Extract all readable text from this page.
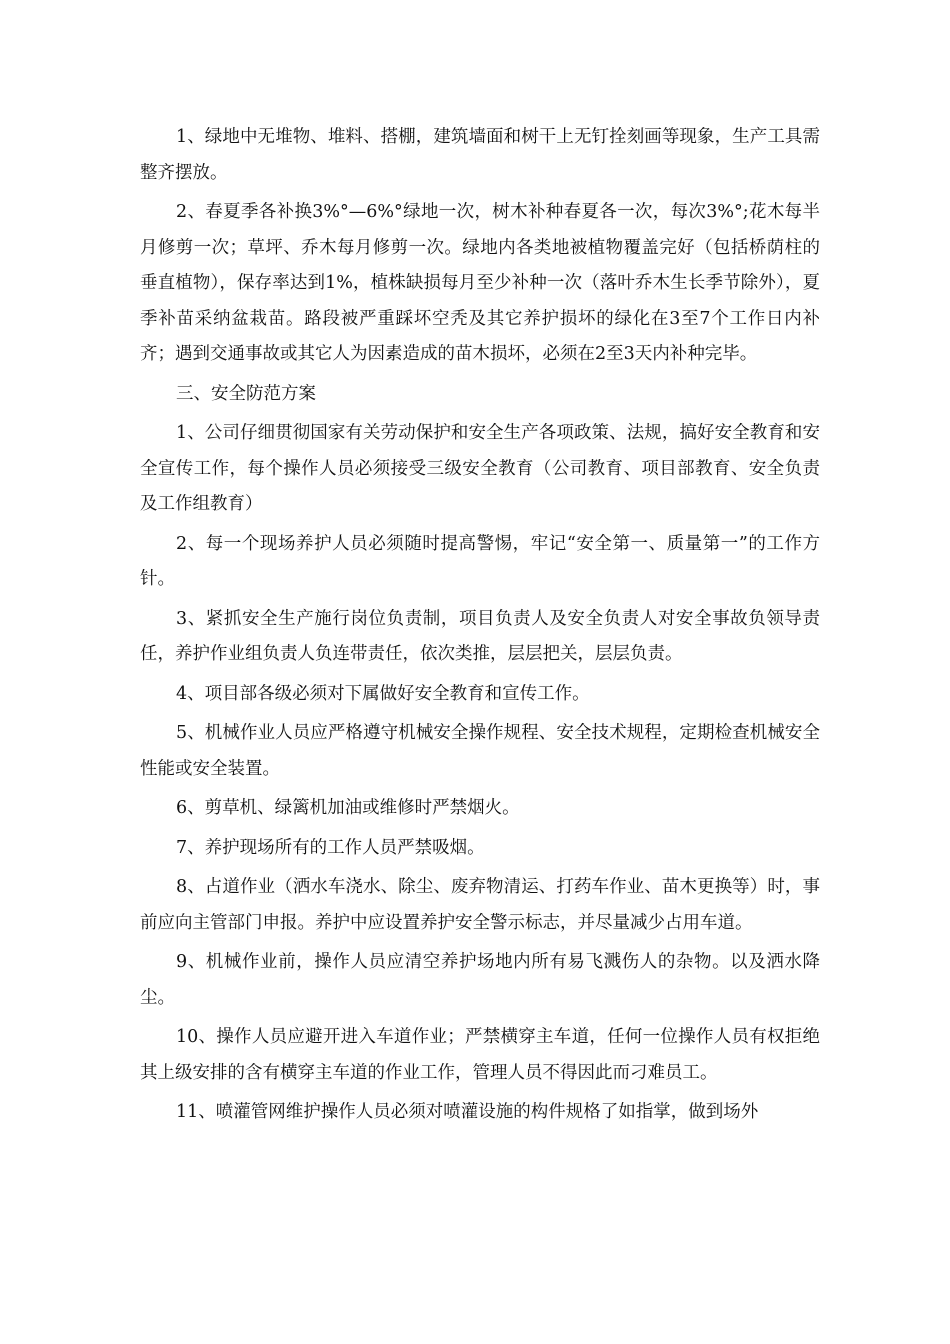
1、绿地中无堆物、堆料、搭棚，建筑墙面和树干上无钉拴刻画等现象，生产工具需整齐摆放。

2、春夏季各补换3%°—6%°绿地一次，树木补种春夏各一次，每次3%°;花木每半月修剪一次；草坪、乔木每月修剪一次。绿地内各类地被植物覆盖完好（包括桥荫柱的垂直植物），保存率达到1%，植株缺损每月至少补种一次（落叶乔木生长季节除外），夏季补苗采纳盆栽苗。路段被严重踩坏空秃及其它养护损坏的绿化在3至7个工作日内补齐；遇到交通事故或其它人为因素造成的苗木损坏，必须在2至3天内补种完毕。

三、安全防范方案

1、公司仔细贯彻国家有关劳动保护和安全生产各项政策、法规，搞好安全教育和安全宣传工作，每个操作人员必须接受三级安全教育（公司教育、项目部教育、安全负责及工作组教育）

2、每一个现场养护人员必须随时提高警惕，牢记“安全第一、质量第一”的工作方针。

3、紧抓安全生产施行岗位负责制，项目负责人及安全负责人对安全事故负领导责任，养护作业组负责人负连带责任，依次类推，层层把关，层层负责。

4、项目部各级必须对下属做好安全教育和宣传工作。

5、机械作业人员应严格遵守机械安全操作规程、安全技术规程，定期检查机械安全性能或安全装置。

6、剪草机、绿篱机加油或维修时严禁烟火。

7、养护现场所有的工作人员严禁吸烟。

8、占道作业（洒水车浇水、除尘、废弃物清运、打药车作业、苗木更换等）时，事前应向主管部门申报。养护中应设置养护安全警示标志，并尽量减少占用车道。

9、机械作业前，操作人员应清空养护场地内所有易飞溅伤人的杂物。以及洒水降尘。

10、操作人员应避开进入车道作业；严禁横穿主车道，任何一位操作人员有权拒绝其上级安排的含有横穿主车道的作业工作，管理人员不得因此而刁难员工。

11、喷灌管网维护操作人员必须对喷灌设施的构件规格了如指掌，做到场外
